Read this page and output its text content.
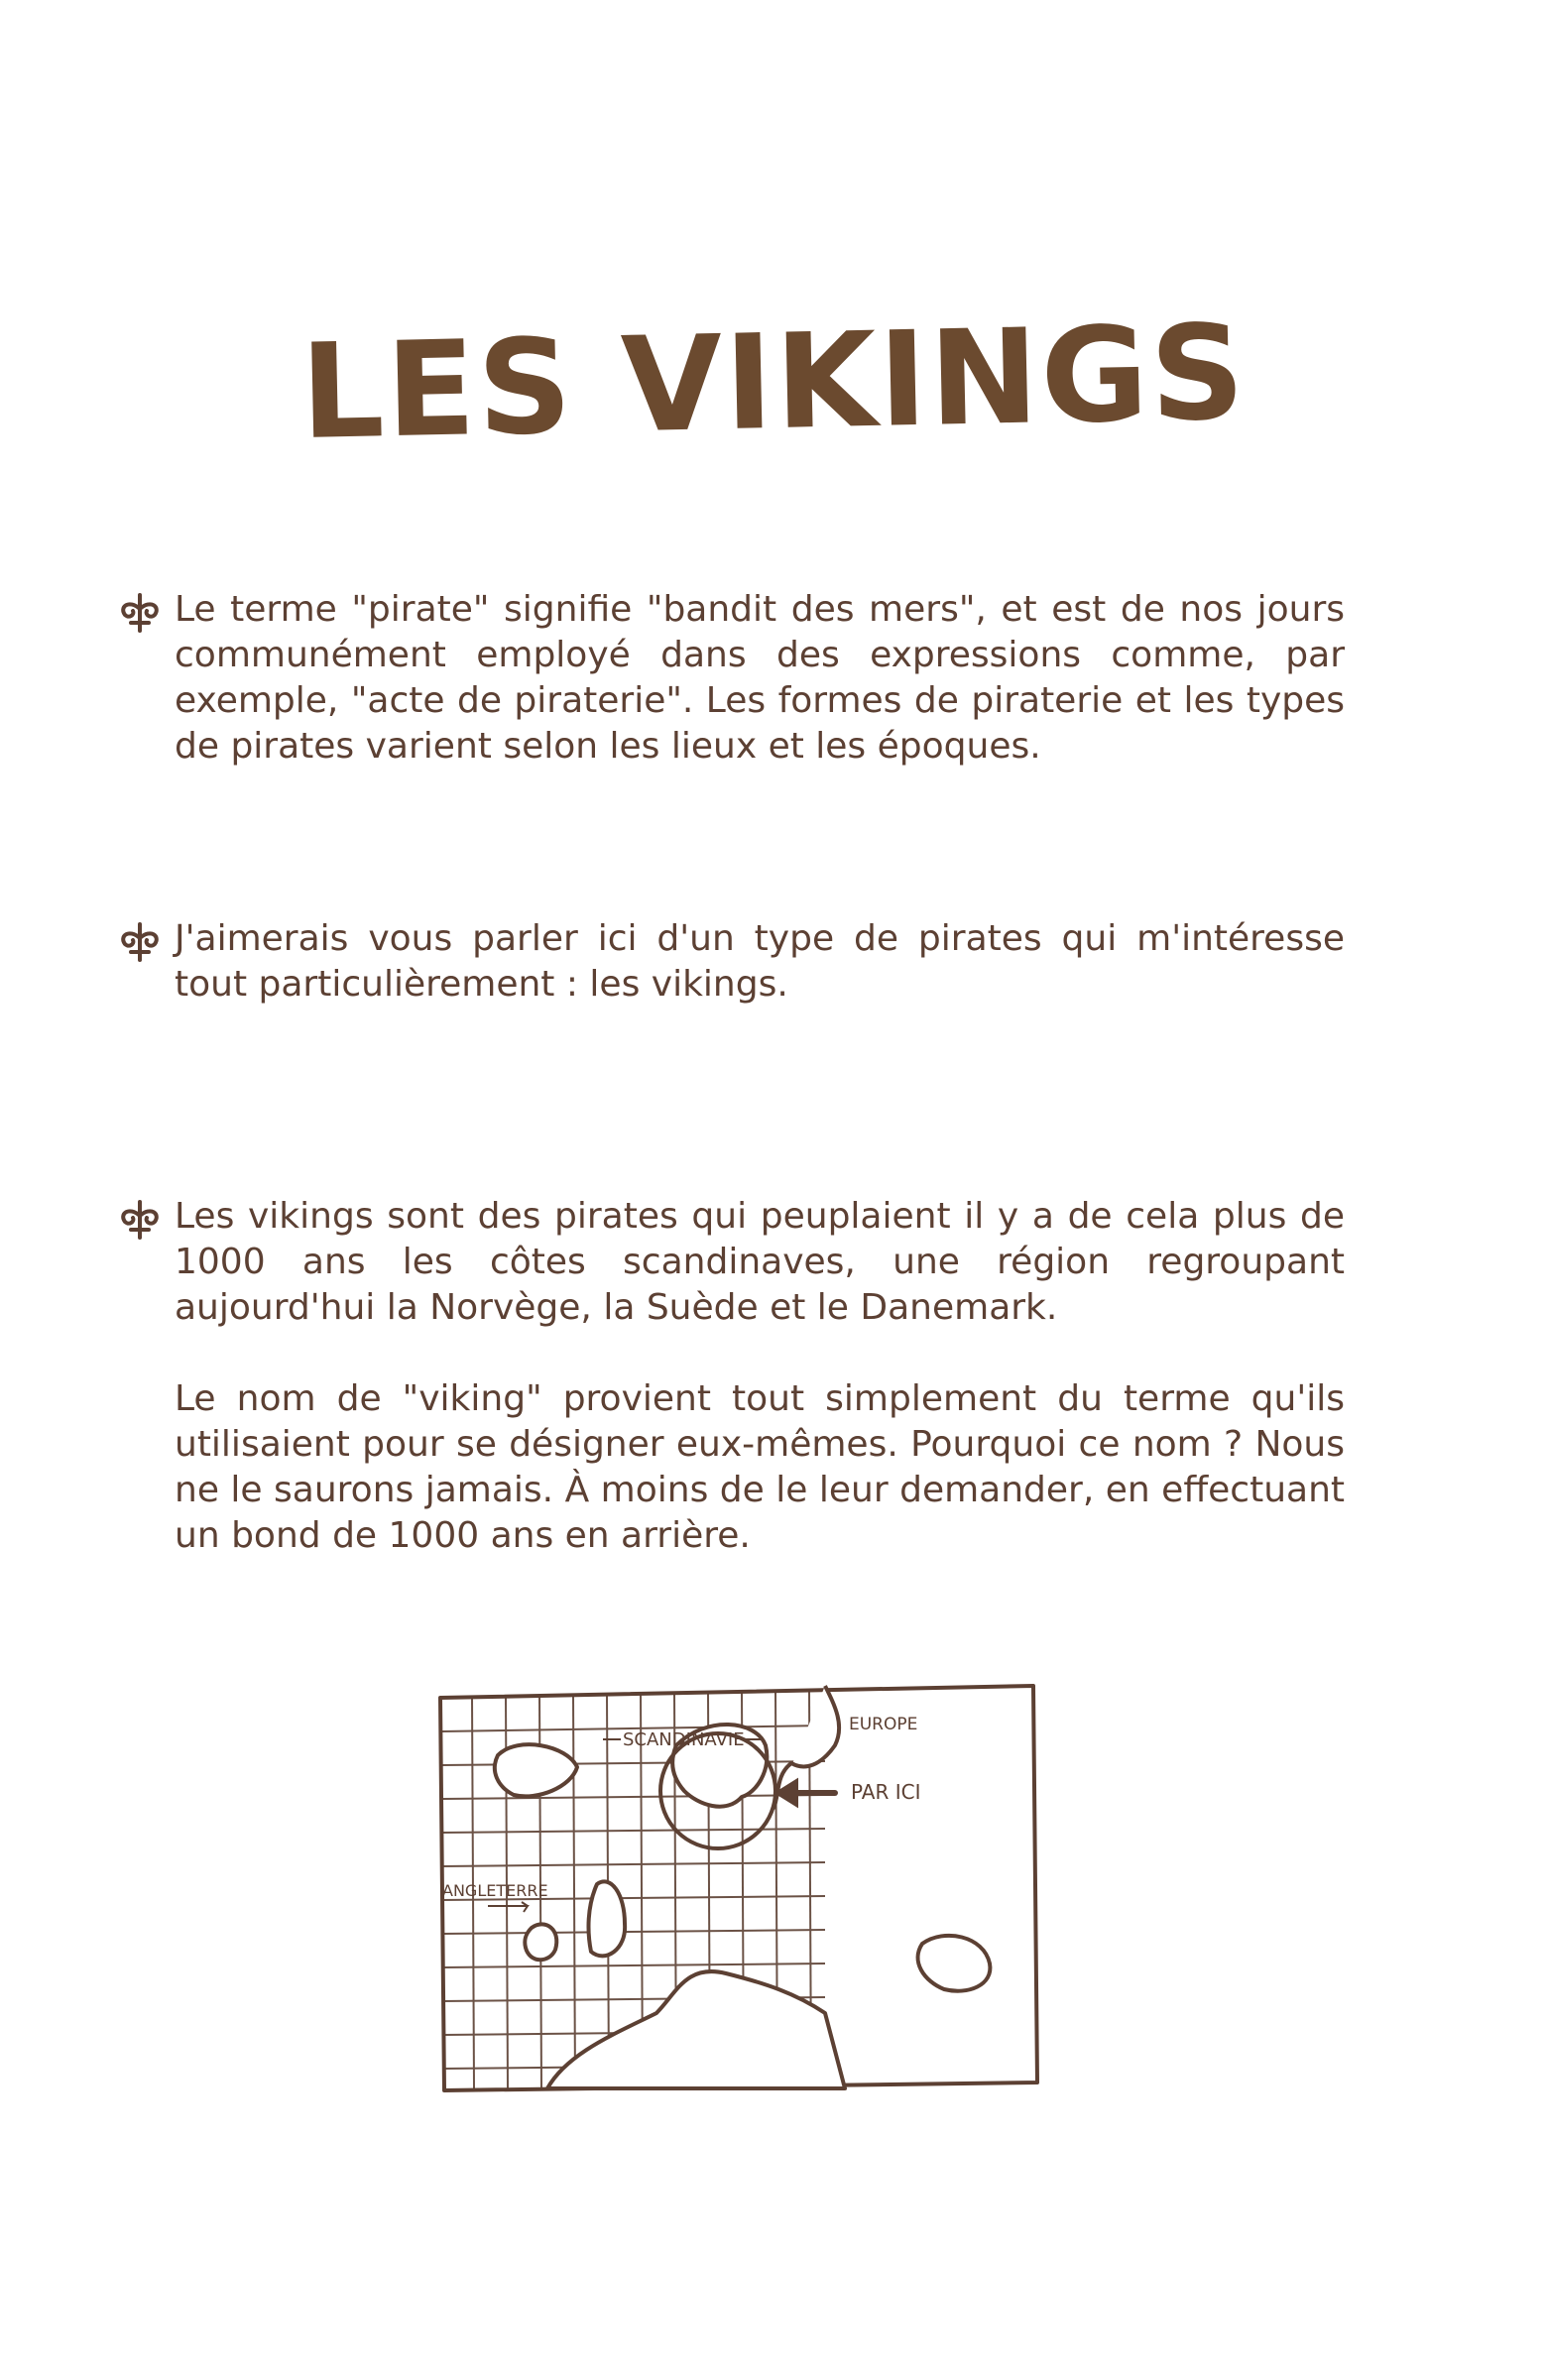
LES VIKINGS

Le terme "pirate" signifie "bandit des mers", et est de nos jours communément employé dans des expressions comme, par exemple, "acte de piraterie". Les formes de piraterie et les types de pirates varient selon les lieux et les époques.

J'aimerais vous parler ici d'un type de pirates qui m'intéresse tout particulièrement : les vikings.

Les vikings sont des pirates qui peuplaient il y a de cela plus de 1000 ans les côtes scandinaves, une région regroupant aujourd'hui la Norvège, la Suède et le Danemark.

Le nom de "viking" provient tout simplement du terme qu'ils utilisaient pour se désigner eux-mêmes. Pourquoi ce nom ? Nous ne le saurons jamais. À moins de le leur demander, en effectuant un bond de 1000 ans en arrière.

SCANDINAVIE
EUROPE
PAR ICI
ANGLETERRE
